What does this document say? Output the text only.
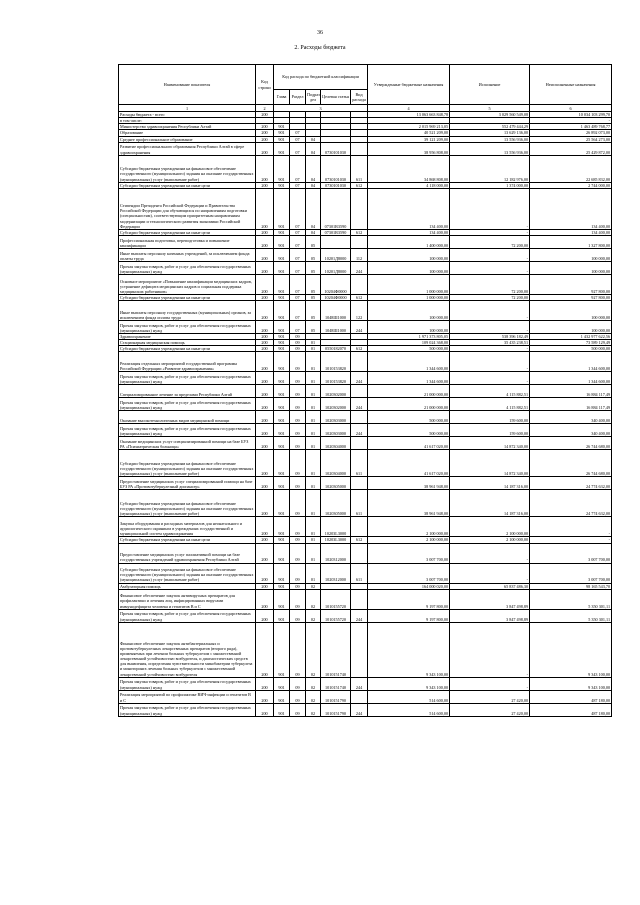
36
2. Расходы бюджета
Наименование показателя	Код строки	Код расхода по бюджетной классификации					Утвержденные бюджетные назначения	Исполнение	Неисполненные назначения
		Глава	Раздел	Подраз дел	Целевая статья	Вид расхода			
1	2	3					4	5	6
Расходы бюджета - всего	200						13 063 663 848,78	3 029 560 549,08	10 034 103 299,70
в том числе:									-
Министерство здравоохранения Республики Алтай	200	901					2 015 969 213,05	552 479 444,29	1 463 489 768,77
Образование	200	901	07				40 521 209,00	13 629 136,00	26 892 073,00
Среднее профессиональное образование	200	901	07	04			39 121 209,00	13 556 936,00	25 564 273,00
Развитие профессионального образования Республики Алтай в сфере здравоохранения	200	901	07	04	0730101030		38 956 808,00	13 556 936,00	25 429 872,00
Субсидии бюджетным учреждениям на финансовое обеспечение государственного (муниципального) задания на оказание государственных (муниципальных) услуг (выполнение работ)	200	901	07	04	0730101030	611	34 868 808,00	12 182 976,00	22 685 832,00
Субсидии бюджетным учреждениям на иные цели	200	901	07	04	0730101030	612	4 118 000,00	1 374 000,00	2 744 000,00
Стипендии Президента Российской Федерации и Правительства Российской Федерации для обучающихся по направлениям подготовки (специальностям), соответствующим приоритетным направлениям модернизации и технологического развития экономики Российской Федерации	200	901	07	04	07301R3590		134 400,00	-	134 400,00
Субсидии бюджетным учреждениям на иные цели	200	901	07	04	07301R3590	612	134 400,00	-	134 400,00
Профессиональная подготовка, переподготовка и повышение квалификации	200	901	07	05			1 400 000,00	72 200,00	1 327 800,00
Иные выплаты персоналу казенных учреждений, за исключением фонда оплаты труда	200	901	07	05	10201Д8000	112	100 000,00	-	100 000,00
Прочая закупка товаров, работ и услуг для обеспечения государственных (муниципальных) нужд	200	901	07	05	10201Д8000	244	100 000,00	-	100 000,00
Основное мероприятие «Повышение квалификации медицинских кадров, устранение дефицита медицинских кадров и социальная поддержка медицинских работников»	200	901	07	05	10204Ф0000		1 000 000,00	72 200,00	927 800,00
Субсидии бюджетным учреждениям на иные цели	200	901	07	05	10204Ф0000	612	1 000 000,00	72 200,00	927 800,00
Иные выплаты персоналу государственных (муниципальных) органов, за исключением фонда оплаты труда	200	901	07	05	1048Ш1000	122	100 000,00	-	100 000,00
Прочая закупка товаров, работ и услуг для обеспечения государственных (муниципальных) нужд	200	901	07	05	1048Ш1000	244	100 000,00	-	100 000,00
Здравоохранение	200	901	09				1 971 373 805,05	538 396 182,49	1 432 977 622,56
Стационарная медицинская помощь	200	901	09	01			109 024 368,00	35 435 238,51	73 589 129,49
Субсидии бюджетным учреждениям на иные цели	200	901	09	01	0550182070	612	500 000,00	-	500 000,00
Реализация отдельных мероприятий государственной программы Российской Федерации «Развитие здравоохранения»	200	901	09	01	1010153820		1 344 600,00	-	1 344 600,00
Прочая закупка товаров, работ и услуг для обеспечения государственных (муниципальных) нужд	200	901	09	01	1010153820	244	1 344 600,00	-	1 344 600,00
Специализированное лечение за пределами Республики Алтай	200	901	09	01	1020302000		21 000 000,00	4 115 882,51	16 884 117,49
Прочая закупка товаров, работ и услуг для обеспечения государственных (муниципальных) нужд	200	901	09	01	1020302000	244	21 000 000,00	4 115 882,51	16 884 117,49
Оказание высокотехнологичных видов медицинской помощи	200	901	09	01	1020303000		500 000,00	159 600,00	340 400,00
Прочая закупка товаров, работ и услуг для обеспечения государственных (муниципальных) нужд	200	901	09	01	1020303000	244	500 000,00	159 600,00	340 400,00
Оказание медицинских услуг специализированной помощи на базе БУЗ РА «Психиатрическая больница»	200	901	09	01	1020304000		41 617 020,00	14 872 340,00	26 744 680,00
Субсидии бюджетным учреждениям на финансовое обеспечение государственного (муниципального) задания на оказание государственных (муниципальных) услуг (выполнение работ)	200	901	09	01	1020304000	611	41 617 020,00	14 872 340,00	26 744 680,00
Предоставление медицинских услуг специализированной помощи на базе БУЗ РА «Противотуберкулезный диспансер»	200	901	09	01	1020305000		38 961 948,00	14 187 316,00	24 774 632,00
Субсидии бюджетным учреждениям на финансовое обеспечение государственного (муниципального) задания на оказание государственных (муниципальных) услуг (выполнение работ)	200	901	09	01	1020305000	611	38 961 948,00	14 187 316,00	24 774 632,00
Закупка оборудования и расходных материалов для неонатального и аудиологического скрининга в учреждениях государственной и муниципальной систем здравоохранения	200	901	09	01	10203L3000		2 100 000,00	2 100 000,00	-
Субсидии бюджетным учреждениям на иные цели	200	901	09	01	10203L3000	612	2 100 000,00	2 100 000,00	-
Предоставление медицинских услуг паллиативной помощи на базе государственных учреждений здравоохранения Республики Алтай	200	901	09	01	1020312000		3 007 700,00	-	3 007 700,00
Субсидии бюджетным учреждениям на финансовое обеспечение государственного (муниципального) задания на оказание государственных (муниципальных) услуг (выполнение работ)	200	901	09	01	1020312000	611	3 007 700,00	-	3 007 700,00
Амбулаторная помощь	200	901	09	02			164 000 020,00	65 837 486,30	98 165 543,70
Финансовое обеспечение закупок антивирусных препаратов для профилактики и лечения лиц, инфицированных вирусами иммунодефицита человека и гепатитов В и С	200	901	09	02	1010155720		9 197 800,00	3 847 498,89	5 350 301,11
Прочая закупка товаров, работ и услуг для обеспечения государственных (муниципальных) нужд	200	901	09	02	1010155720	244	9 197 800,00	3 847 498,89	5 350 301,11
Финансовое обеспечение закупок антибактериальных и противотуберкулезных лекарственных препаратов (второго ряда), применяемых при лечении больных туберкулезом с множественной лекарственной устойчивостью возбудителя, и диагностических средств для выявления, определения чувствительности микобактерии туберкулеза и мониторинга лечения больных туберкулезом с множественной лекарственной устойчивостью возбудителя	200	901	09	02	1010151740		9 343 100,00	-	9 343 100,00
Прочая закупка товаров, работ и услуг для обеспечения государственных (муниципальных) нужд	200	901	09	02	1010151740	244	9 343 100,00	-	9 343 100,00
Реализация мероприятий по профилактике ВИЧ-инфекции и гепатитов В и С	200	901	09	02	1010151790		514 600,00	27 420,00	487 180,00
Прочая закупка товаров, работ и услуг для обеспечения государственных (муниципальных) нужд	200	901	09	02	1010151790	244	514 600,00	27 420,00	487 180,00
